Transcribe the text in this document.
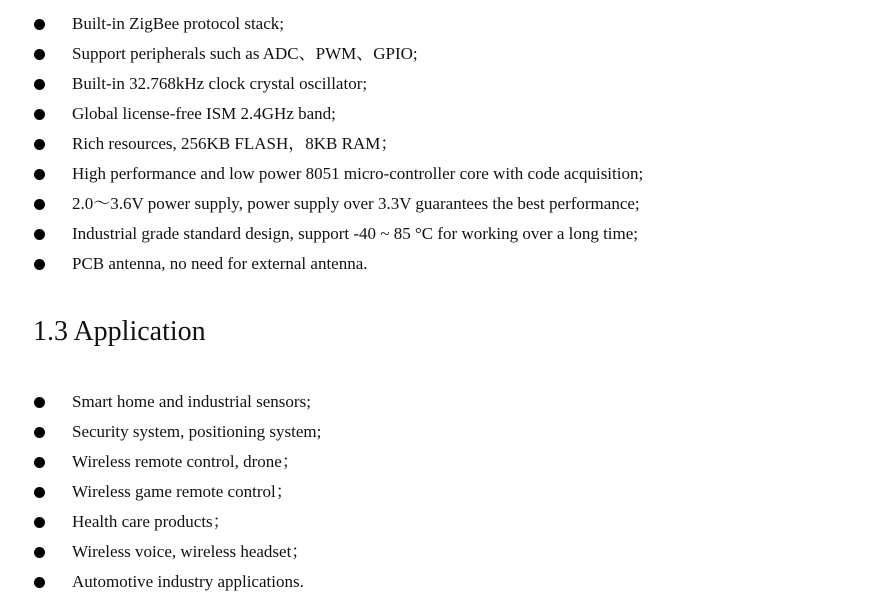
Built-in ZigBee protocol stack;
Support peripherals such as ADC、PWM、GPIO;
Built-in 32.768kHz clock crystal oscillator;
Global license-free ISM 2.4GHz band;
Rich resources, 256KB FLASH，8KB RAM；
High performance and low power 8051 micro-controller core with code acquisition;
2.0～3.6V power supply, power supply over 3.3V guarantees the best performance;
Industrial grade standard design, support -40 ~ 85 °C for working over a long time;
PCB antenna, no need for external antenna.
1.3 Application
Smart home and industrial sensors;
Security system, positioning system;
Wireless remote control, drone；
Wireless game remote control；
Health care products；
Wireless voice, wireless headset；
Automotive industry applications.
